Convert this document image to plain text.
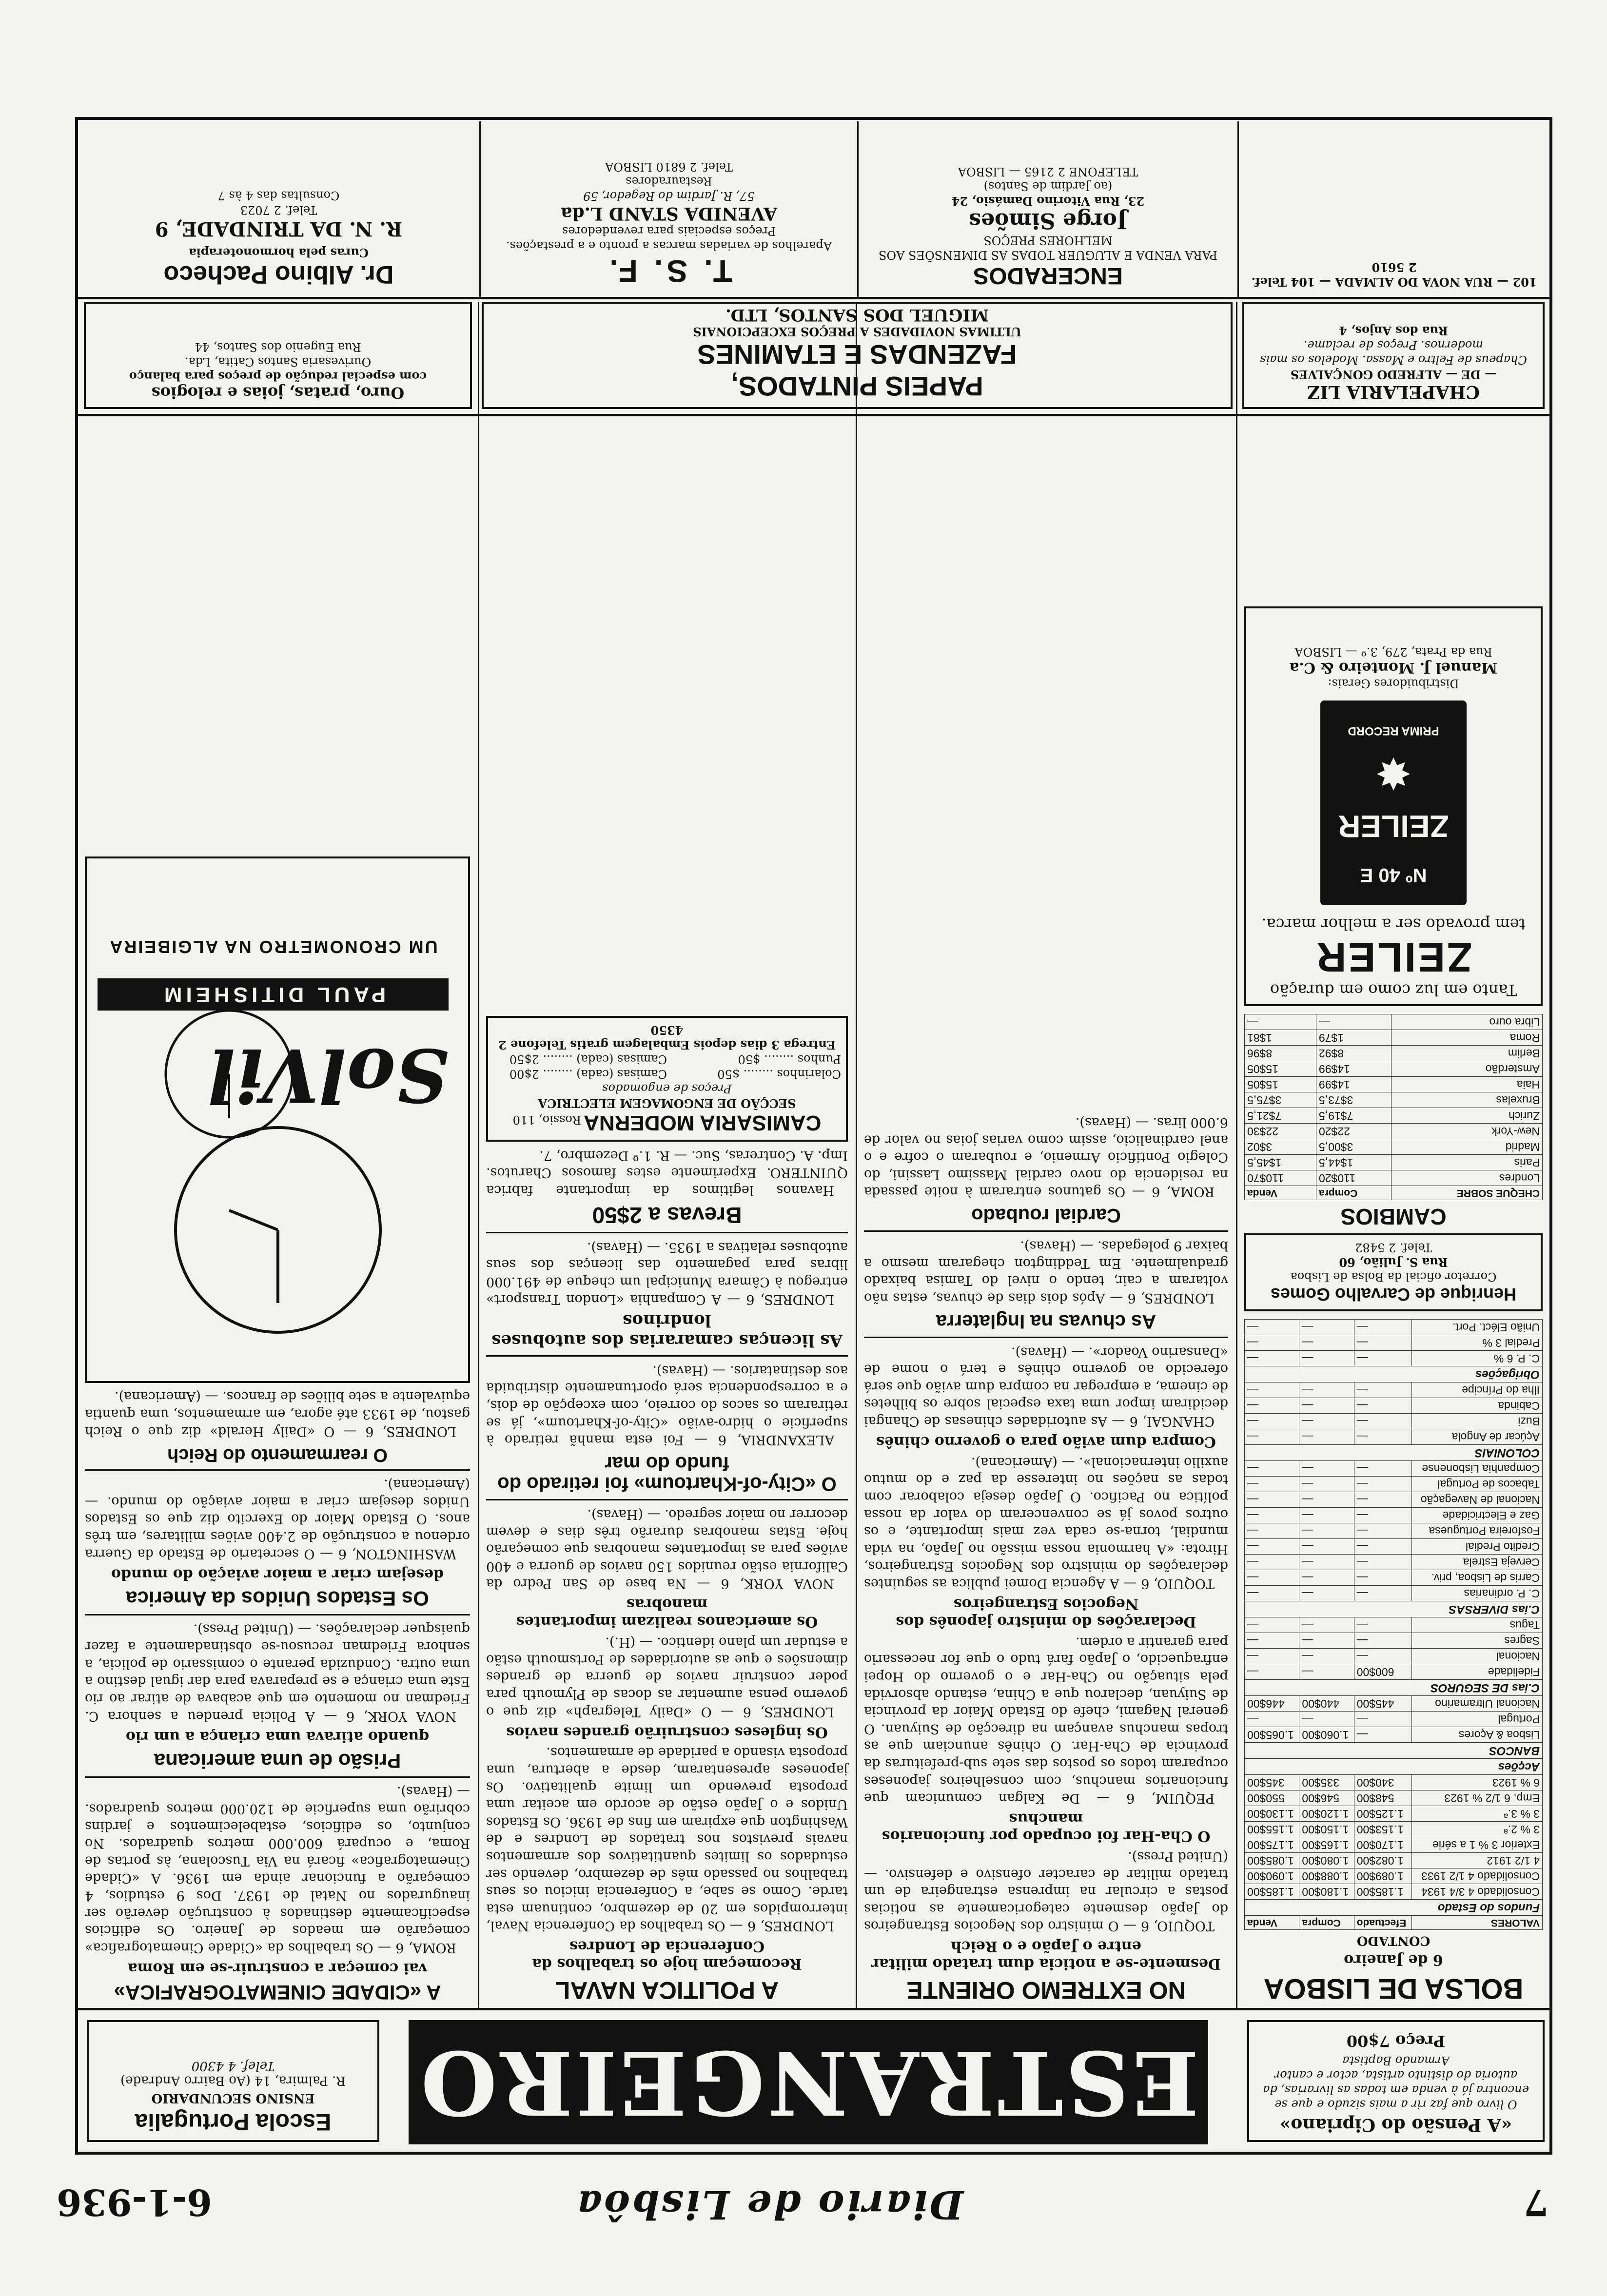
7
Diario de Lisbôa
6-1-936
«A Pensão do Cipriano»
O livro que faz rir a mais sizudo e que se encontra já à venda em todas as livrarias, da autoria do distinto artista, actor e cantor Armando Baptista
Preço 7$00
ESTRANGEIRO
Escola Portugalia
ENSINO SECUNDARIO
R. Palmira, 14 (Ao Bairro Andrade)
Telef. 4 4300
BOLSA DE LISBOA
6 de Janeiro
CONTADO
VALORES	Efectuado	Compra	Venda
Fundos do Estado			
Consolidado 4 3/4 1934	1.185$00	1.180$00	1.185$00
Consolidado 4 1/2 1933	1.089$00	1.088$00	1.090$00
4 1/2 1912	1.082$00	1.080$00	1.085$00
Exterior 3 % 1 a série	1.170$00	1.165$00	1.175$00
3 % 2.ª	1.153$00	1.150$00	1.155$00
3 % 3.ª	1.125$00	1.120$00	1.130$00
Emp. 6 1/2 % 1923	548$00	546$00	550$00
6 % 1923	340$00	335$00	345$00
Acções			
BANCOS			
Lisboa & Açores	—	1.060$00	1.065$00
Portugal	—	—	—
Nacional Ultramarino	445$00	440$00	446$00
C.ias DE SEGUROS			
Fidelidade	600$00	—	—
Nacional	—	—	—
Sagres	—	—	—
Tagus	—	—	—
C.ias DIVERSAS			
C. P. ordinarias	—	—	—
Carris de Lisboa, priv.	—	—	—
Cerveja Estrela	—	—	—
Credito Predial	—	—	—
Fosforeira Portuguesa	—	—	—
Gaz e Electricidade	—	—	—
Nacional de Navegação	—	—	—
Tabacos de Portugal	—	—	—
Companhia Lisbonense	—	—	—
COLONIAIS			
Açúcar de Angola	—	—	—
Buzi	—	—	—
Cabinda	—	—	—
Ilha do Príncipe	—	—	—
Obrigações			
C. P. 6 %	—	—	—
Predial 3 %	—	—	—
União Eléct. Port.	—	—	—
Henrique de Carvalho Gomes
Corretor oficial da Bolsa de Lisboa
Rua S. Julião, 60
Telef. 2 5482
CAMBIOS
CHEQUE SOBRE	Compra	Venda
Londres	110$20	110$70
Paris	1$44,5	1$45,5
Madrid	3$00,5	3$02
New-York	22$20	22$30
Zurich	7$19,5	7$21,5
Bruxelas	3$73,5	3$75,5
Haia	14$99	15$05
Amsterdão	14$99	15$05
Berlim	8$92	8$96
Roma	1$79	1$81
Libra ouro	—	—
Tanto em luz como em duração
ZEILER
tem provado ser a melhor marca.
Nº 40 E
ZEILER
✸
PRIMA RECORD
Distribuidores Gerais:
Manuel J. Monteiro & C.a
Rua da Prata, 279, 3.º — LISBOA
NO EXTREMO ORIENTE
Desmente-se a noticia dum tratado militar entre o Japão e o Reich

TOQUIO, 6 — O ministro dos Negocios Estrangeiros do Japão desmente categoricamente as noticias postas a circular na imprensa estrangeira de um tratado militar de caracter ofensivo e defensivo. — (United Press).

O Cha-Har foi ocupado por funcionarios manchus

PEQUIM, 6 — De Kalgan comunicam que funcionarios manchus, com conselheiros japoneses ocuparam todos os postos das sete sub-prefeituras da provincia de Cha-Har. O chinês anunciam que as tropas manchus avançam na direcção de Suiyuan. O general Nagami, chefe do Estado Maior da provincia de Suiyuan, declarou que a China, estando absorvida pela situação no Cha-Har e o governo do Hopei enfraquecido, o Japão fará tudo o que for necessario para garantir a ordem.

Declarações do ministro japonês dos Negocios Estrangeiros

TOQUIO, 6 — A Agencia Domei publica as seguintes declarações do ministro dos Negocios Estrangeiros, Hirota: «A harmonia nossa missão no Japão, na vida mundial, torna-se cada vez mais importante, e os outros povos já se convenceram do valor da nossa política no Pacifico. O Japão deseja colaborar com todas as nações no interesse da paz e do mutuo auxilio internacional». — (Americana).

Compra dum avião para o governo chinês

CHANGAI, 6 — As autoridades chinesas de Changai decidiram impor uma taxa especial sobre os bilhetes de cinema, a empregar na compra dum avião que será oferecido ao governo chinês e terá o nome de «Dansarino Voador». — (Havas).

As chuvas na Inglaterra

LONDRES, 6 — Após dois dias de chuvas, estas não voltaram a cair, tendo o nivel do Tamisa baixado gradualmente. Em Teddington chegaram mesmo a baixar 9 polegadas. — (Havas).

Cardial roubado

ROMA, 6 — Os gatunos entraram à noite passada na residencia do novo cardial Massimo Lassini, do Colegio Pontificio Armenio, e roubaram o cofre e o anel cardinalicio, assim como varias joias no valor de 6.000 liras. — (Havas).

A POLITICA NAVAL
Recomeçam hoje os trabalhos da Conferencia de Londres

LONDRES, 6 — Os trabalhos da Conferencia Naval, interrompidos em 20 de dezembro, continuam esta tarde. Como se sabe, a Conferencia iniciou os seus trabalhos no passado mês de dezembro, devendo ser estudados os limites quantitativos dos armamentos navais previstos nos tratados de Londres e de Washington que expiram em fins de 1936. Os Estados Unidos e o Japão estão de acordo em aceitar uma proposta prevendo um limite qualitativo. Os japoneses apresentaram, desde a abertura, uma proposta visando a paridade de armamentos.

Os ingleses construirão grandes navios

LONDRES, 6 — O «Daily Telegraph» diz que o governo pensa aumentar as docas de Plymouth para poder construir navios de guerra de grandes dimensões e que as autoridades de Portsmouth estão a estudar um plano identico. — (H.).

Os americanos realizam importantes manobras

NOVA YORK, 6 — Na base de San Pedro da California estão reunidos 150 navios de guerra e 400 aviões para as importantes manobras que começarão hoje. Estas manobras durarão três dias e devem decorrer no maior segredo. — (Havas).

O «City-of-Khartoum» foi retirado do fundo do mar

ALEXANDRIA, 6 — Foi esta manhã retirado à superficie o hidro-avião «City-of-Khartoum», já se retiraram os sacos do correio, com excepção de dois, e a correspondencia será oportunamente distribuida aos destinatarios. — (Havas).

As licenças camararias dos autobuses londrinos

LONDRES, 6 — A Companhia «London Transport» entregou à Câmara Municipal um cheque de 491.000 libras para pagamento das licenças dos seus autobuses relativas a 1935. — (Havas).

Brevas a 2$50

Havanos legitimos da importante fabrica QUINTERO. Experimente estes famosos Charutos. Imp. A. Contreras, Suc. — R. 1.º Dezembro, 7.

CAMISARIA MODERNA Rossio, 110
SECÇÃO DE ENGOMAGEM ELECTRICA
Preços de engomados
Colarinhos ........ $50
Camisas (cada) ........ 2$00
Punhos ........ $50
Camisas (cada) ........ 2$50
Entrega 3 dias depois Embalagem gratis Telefone 2 4350
A «CIDADE CINEMATOGRAFICA»
vai começar a construir-se em Roma

ROMA, 6 — Os trabalhos da «Cidade Cinematografica» começarão em meados de Janeiro. Os edificios especificamente destinados à construção deverão ser inaugurados no Natal de 1937. Dos 9 estudios, 4 começarão a funcionar ainda em 1936. A «Cidade Cinematografica» ficará na Via Tuscolana, às portas de Roma, e ocupará 600.000 metros quadrados. No conjunto, os edificios, estabelecimentos e jardins cobrirão uma superficie de 120.000 metros quadrados. — (Havas).

Prisão de uma americana
quando atirava uma criança a um rio

NOVA YORK, 6 — A Policia prendeu a senhora C. Friedman no momento em que acabava de atirar ao rio Este uma criança e se preparava para dar igual destino a uma outra. Conduzida perante o comissario de policia, a senhora Friedman recusou-se obstinadamente a fazer quaisquer declarações. — (United Press).

Os Estados Unidos da America
desejam criar a maior aviação do mundo

WASHINGTON, 6 — O secretario de Estado da Guerra ordenou a construção de 2.400 aviões militares, em três anos. O Estado Maior do Exercito diz que os Estados Unidos desejam criar a maior aviação do mundo. — (Americana).

O rearmamento do Reich

LONDRES, 6 — O «Daily Herald» diz que o Reich gastou, de 1933 até agora, em armamentos, uma quantia equivalente a sete biliões de francos. — (Americana).

SolVil
PAUL DITISHEIM
UM CRONOMETRO NA ALGIBEIRA
CHAPELARIA LIZ
— DE — ALFREDO GONÇALVES
Chapeus de Feltro e Massa. Modelos os mais modernos. Preços de reclame.
Rua dos Anjos, 4
PAPEIS PINTADOS,
FAZENDAS E ETAMINES
ULTIMAS NOVIDADES A PREÇOS EXCEPCIONAIS
MIGUEL DOS SANTOS, LTD.
Ouro, pratas, joias e relogios
com especial redução de preços para balanço
Ourivesaria Santos Catita, Lda.
Rua Eugenio dos Santos, 44
102 — RUA NOVA DO ALMADA — 104 Telef. 2 5610
ENCERADOS
PARA VENDA E ALUGUER TODAS AS DIMENSÕES AOS MELHORES PREÇOS
Jorge Simões
23, Rua Vitorino Damásio, 24
(ao Jardim de Santos)
TELEFONE 2 2165 — LISBOA
T. S. F.
Aparelhos de variadas marcas a pronto e a prestações. Preços especiais para revendedores
AVENIDA STAND L.da
57, R. Jardim do Regedor, 59
Restauradores
Telef. 2 6810 LISBOA
Dr. Albino Pacheco
Curas pela hormonoterapia
R. N. DA TRINDADE, 9
Telef. 2 7023
Consultas das 4 às 7
